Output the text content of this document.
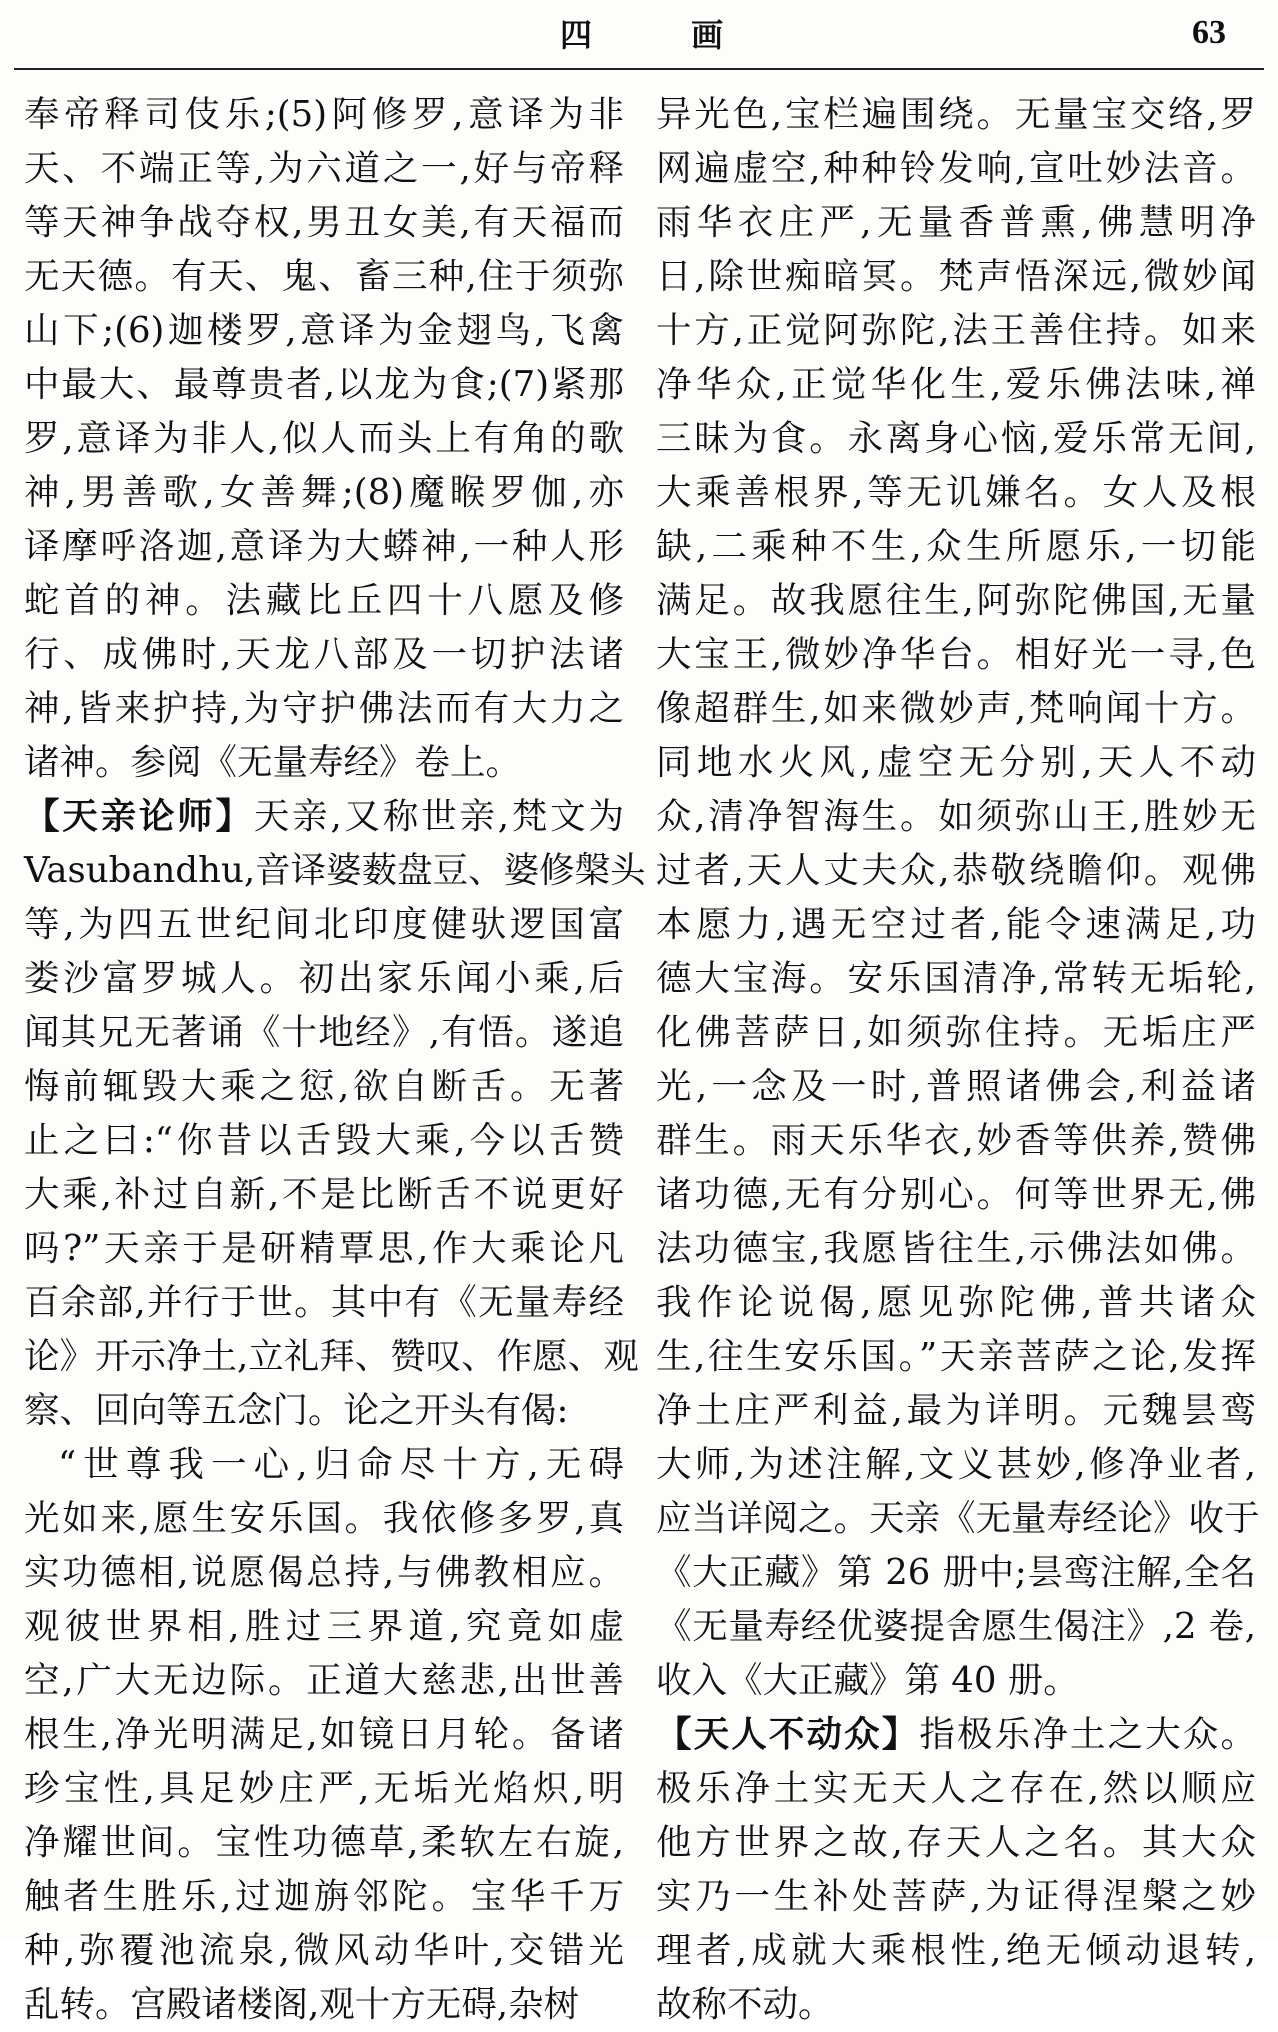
四 画	63
奉帝释司伎乐;(5)阿修罗,意译为非
天、不端正等,为六道之一,好与帝释
等天神争战夺权,男丑女美,有天福而
无天德。有天、鬼、畜三种,住于须弥
山下;(6)迦楼罗,意译为金翅鸟,飞禽
中最大、最尊贵者,以龙为食;(7)紧那
罗,意译为非人,似人而头上有角的歌
神,男善歌,女善舞;(8)魔睺罗伽,亦
译摩呼洛迦,意译为大蟒神,一种人形
蛇首的神。法藏比丘四十八愿及修
行、成佛时,天龙八部及一切护法诸
神,皆来护持,为守护佛法而有大力之
诸神。参阅《无量寿经》卷上。
【天亲论师】天亲,又称世亲,梵文为
Vasubandhu,音译婆薮盘豆、婆修槃头
等,为四五世纪间北印度健驮逻国富
娄沙富罗城人。初出家乐闻小乘,后
闻其兄无著诵《十地经》,有悟。遂追
悔前辄毁大乘之愆,欲自断舌。无著
止之曰:“你昔以舌毁大乘,今以舌赞
大乘,补过自新,不是比断舌不说更好
吗?”天亲于是研精覃思,作大乘论凡
百余部,并行于世。其中有《无量寿经
论》开示净土,立礼拜、赞叹、作愿、观
察、回向等五念门。论之开头有偈:
“世尊我一心,归命尽十方,无碍
光如来,愿生安乐国。我依修多罗,真
实功德相,说愿偈总持,与佛教相应。
观彼世界相,胜过三界道,究竟如虚
空,广大无边际。正道大慈悲,出世善
根生,净光明满足,如镜日月轮。备诸
珍宝性,具足妙庄严,无垢光焰炽,明
净耀世间。宝性功德草,柔软左右旋,
触者生胜乐,过迦旃邻陀。宝华千万
种,弥覆池流泉,微风动华叶,交错光
乱转。宫殿诸楼阁,观十方无碍,杂树
异光色,宝栏遍围绕。无量宝交络,罗
网遍虚空,种种铃发响,宣吐妙法音。
雨华衣庄严,无量香普熏,佛慧明净
日,除世痴暗冥。梵声悟深远,微妙闻
十方,正觉阿弥陀,法王善住持。如来
净华众,正觉华化生,爱乐佛法味,禅
三昧为食。永离身心恼,爱乐常无间,
大乘善根界,等无讥嫌名。女人及根
缺,二乘种不生,众生所愿乐,一切能
满足。故我愿往生,阿弥陀佛国,无量
大宝王,微妙净华台。相好光一寻,色
像超群生,如来微妙声,梵响闻十方。
同地水火风,虚空无分别,天人不动
众,清净智海生。如须弥山王,胜妙无
过者,天人丈夫众,恭敬绕瞻仰。观佛
本愿力,遇无空过者,能令速满足,功
德大宝海。安乐国清净,常转无垢轮,
化佛菩萨日,如须弥住持。无垢庄严
光,一念及一时,普照诸佛会,利益诸
群生。雨天乐华衣,妙香等供养,赞佛
诸功德,无有分别心。何等世界无,佛
法功德宝,我愿皆往生,示佛法如佛。
我作论说偈,愿见弥陀佛,普共诸众
生,往生安乐国。”天亲菩萨之论,发挥
净土庄严利益,最为详明。元魏昙鸾
大师,为述注解,文义甚妙,修净业者,
应当详阅之。天亲《无量寿经论》收于
《大正藏》第 26 册中;昙鸾注解,全名
《无量寿经优婆提舍愿生偈注》,2 卷,
收入《大正藏》第 40 册。
【天人不动众】指极乐净土之大众。
极乐净土实无天人之存在,然以顺应
他方世界之故,存天人之名。其大众
实乃一生补处菩萨,为证得涅槃之妙
理者,成就大乘根性,绝无倾动退转,
故称不动。
